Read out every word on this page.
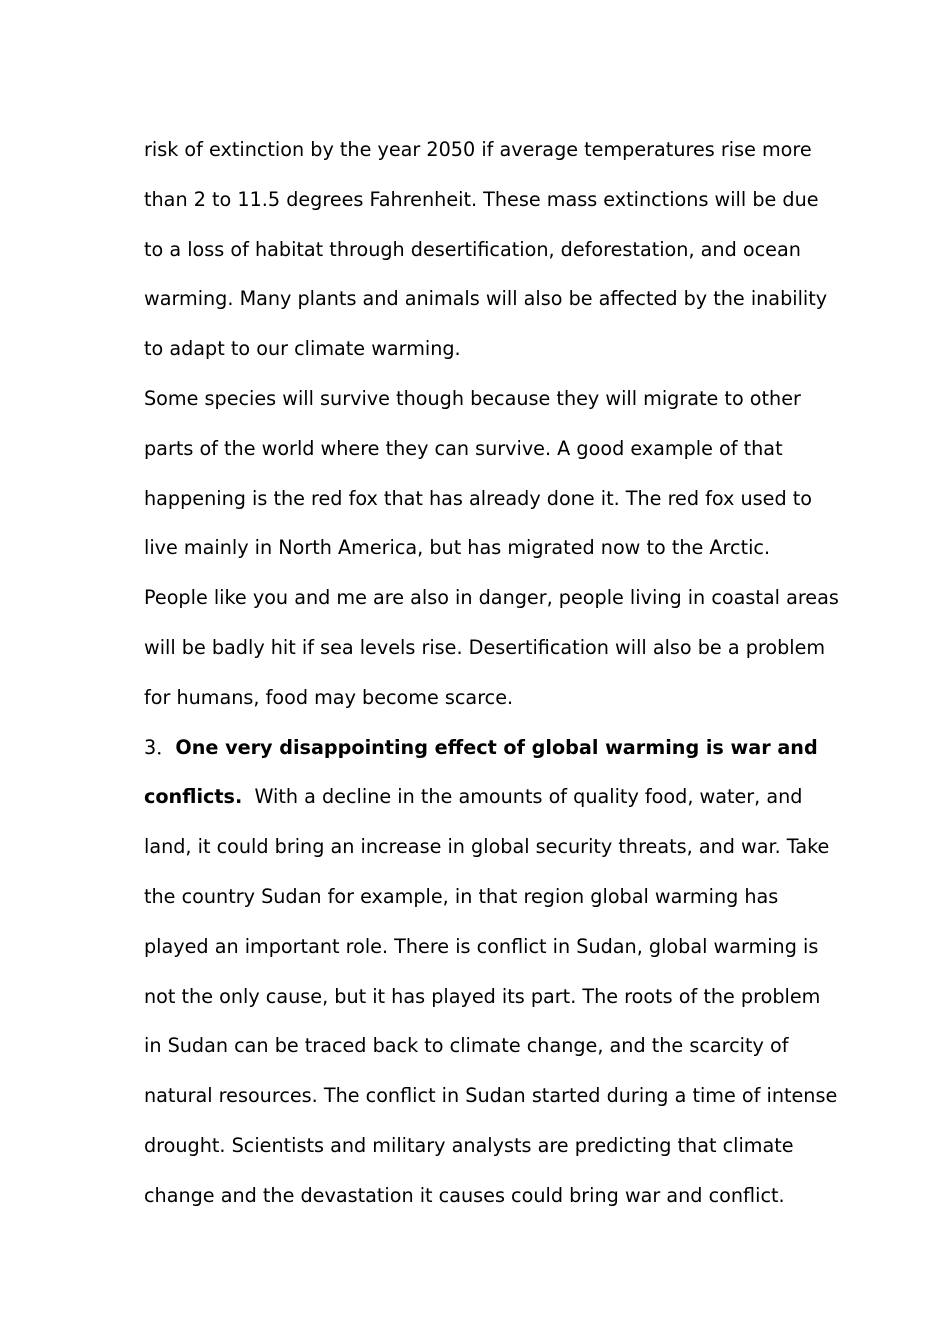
risk of extinction by the year 2050 if average temperatures rise more
than 2 to 11.5 degrees Fahrenheit. These mass extinctions will be due
to a loss of habitat through desertification, deforestation, and ocean
warming. Many plants and animals will also be affected by the inability
to adapt to our climate warming.
Some species will survive though because they will migrate to other
parts of the world where they can survive. A good example of that
happening is the red fox that has already done it. The red fox used to
live mainly in North America, but has migrated now to the Arctic.
People like you and me are also in danger, people living in coastal areas
will be badly hit if sea levels rise. Desertification will also be a problem
for humans, food may become scarce.
3．One very disappointing effect of global warming is war and
conflicts.  With a decline in the amounts of quality food, water, and
land, it could bring an increase in global security threats, and war. Take
the country Sudan for example, in that region global warming has
played an important role. There is conflict in Sudan, global warming is
not the only cause, but it has played its part. The roots of the problem
in Sudan can be traced back to climate change, and the scarcity of
natural resources. The conflict in Sudan started during a time of intense
drought. Scientists and military analysts are predicting that climate
change and the devastation it causes could bring war and conflict.
